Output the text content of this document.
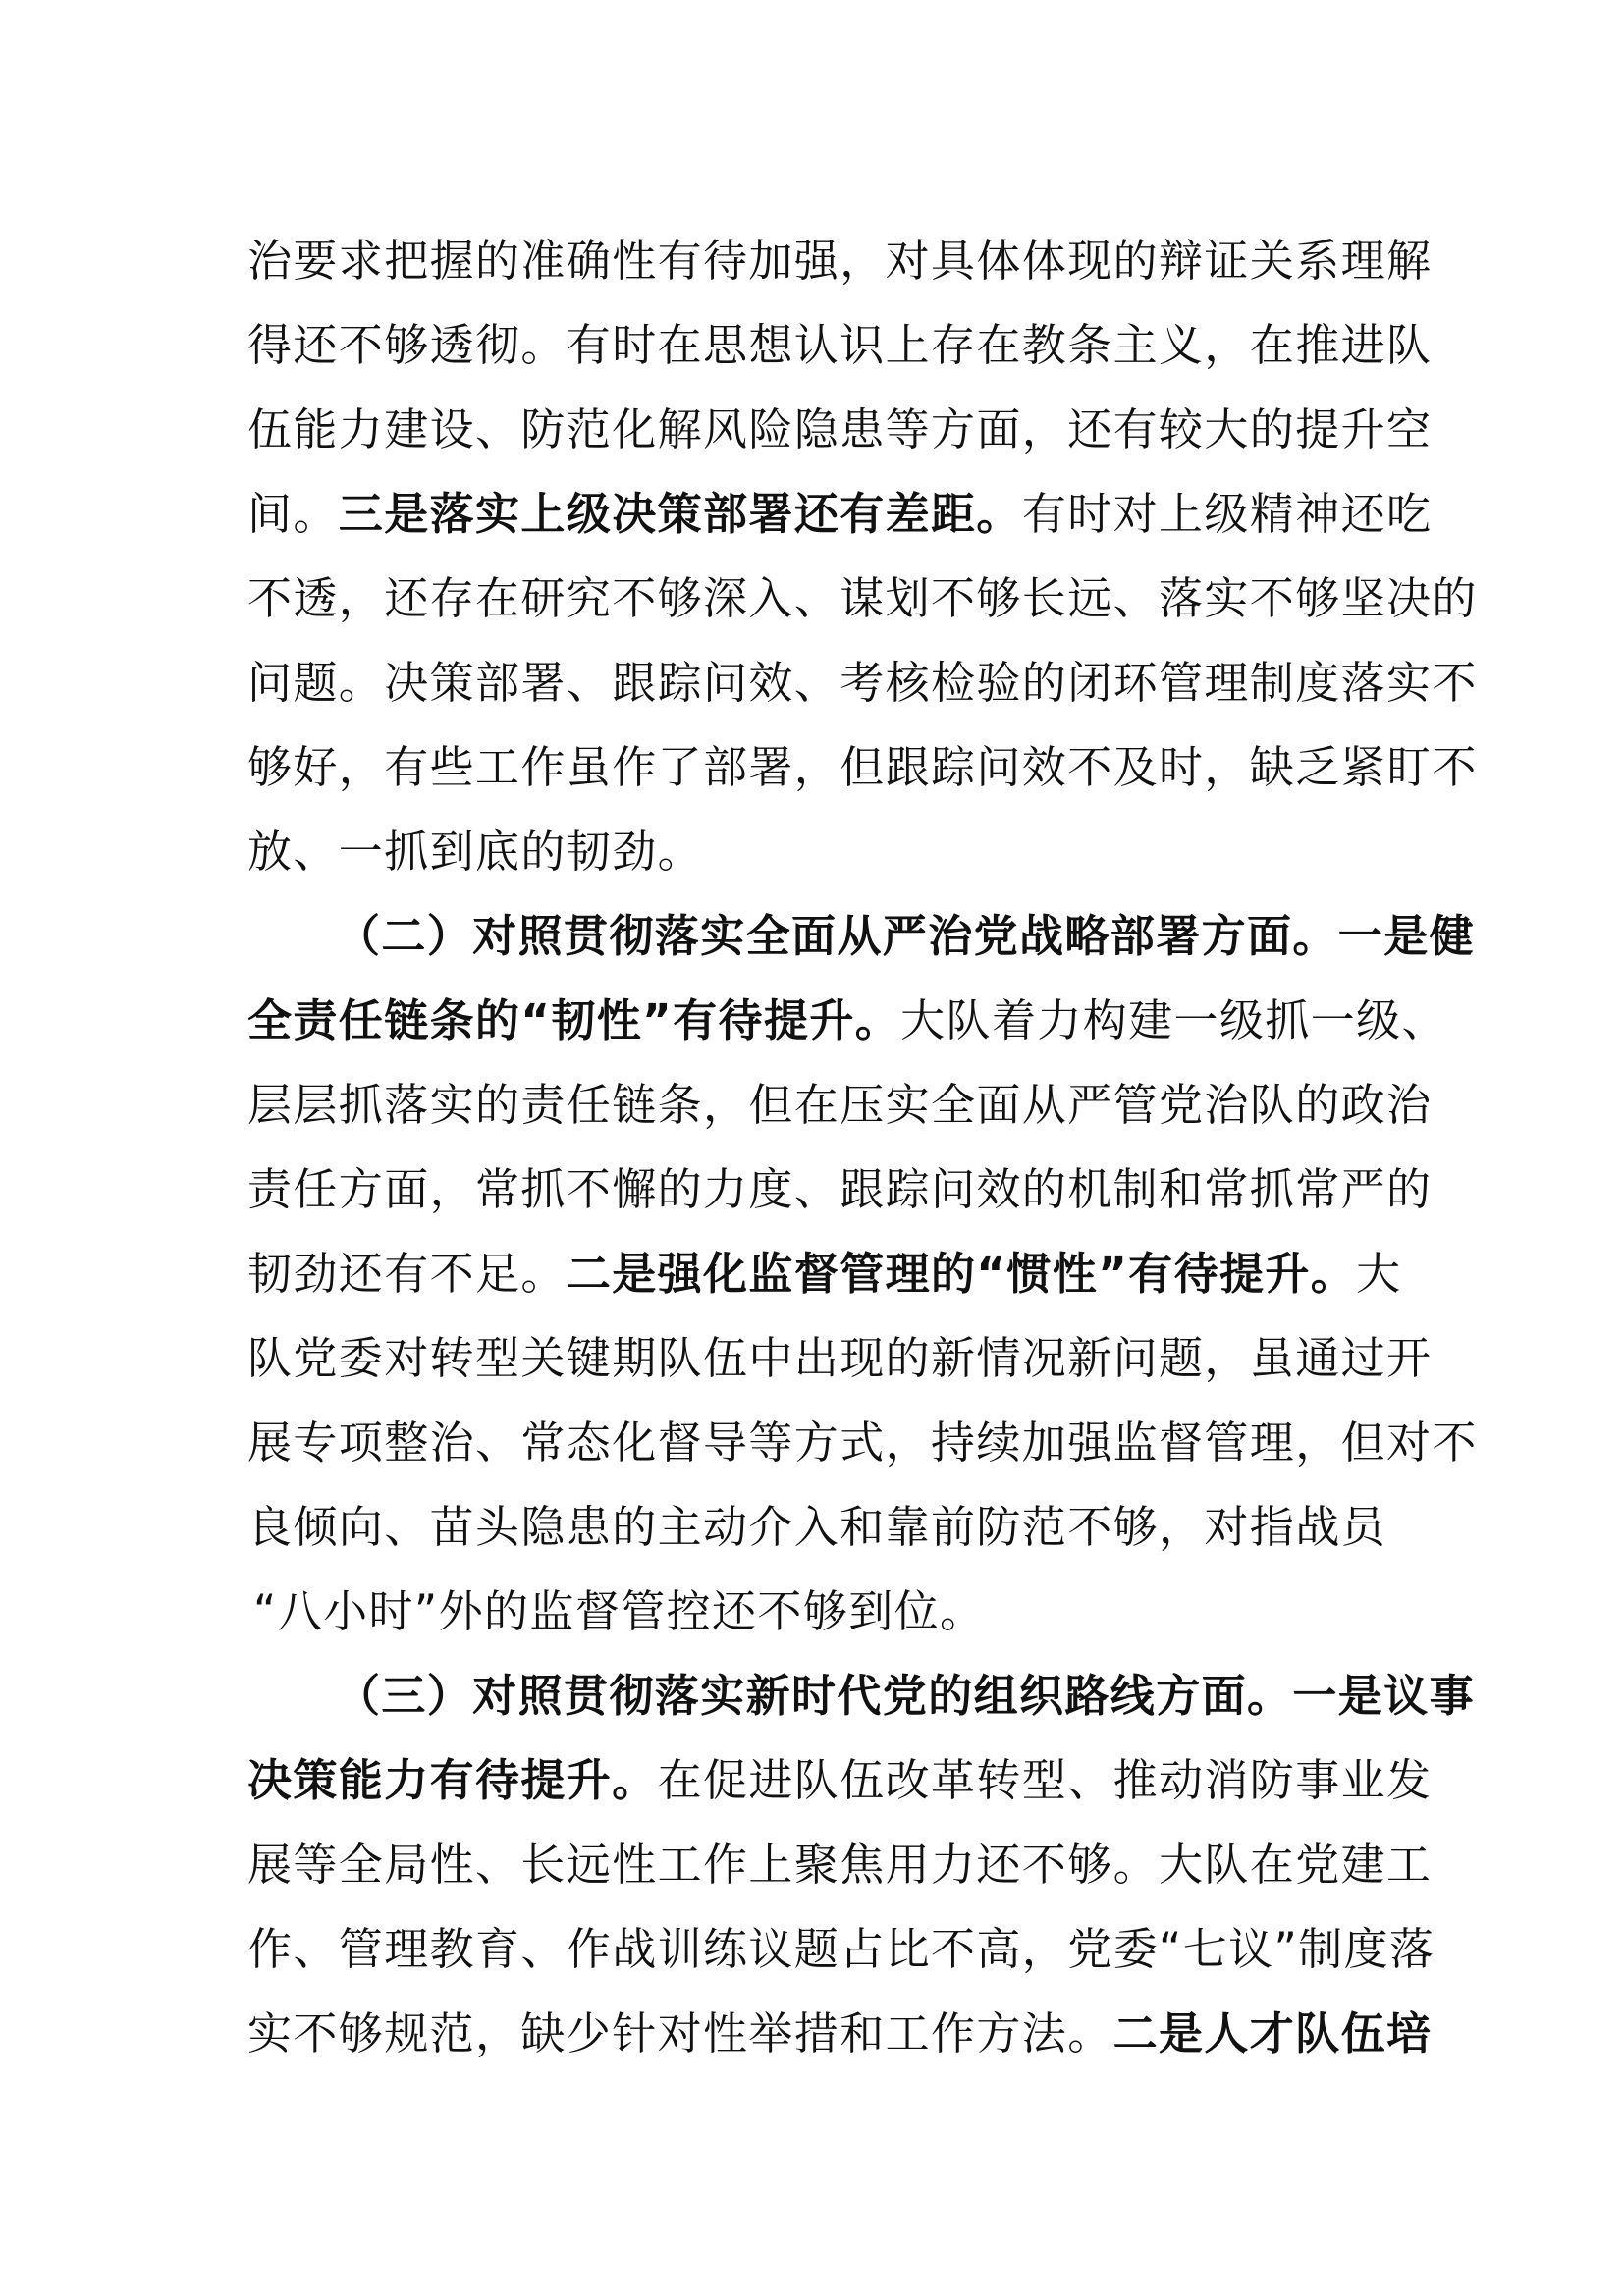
治要求把握的准确性有待加强，对具体体现的辩证关系理解
得还不够透彻。有时在思想认识上存在教条主义，在推进队
伍能力建设、防范化解风险隐患等方面，还有较大的提升空
间。三是落实上级决策部署还有差距。有时对上级精神还吃
不透，还存在研究不够深入、谋划不够长远、落实不够坚决的
问题。决策部署、跟踪问效、考核检验的闭环管理制度落实不
够好，有些工作虽作了部署，但跟踪问效不及时，缺乏紧盯不
放、一抓到底的韧劲。
（二）对照贯彻落实全面从严治党战略部署方面。一是健
全责任链条的“韧性”有待提升。大队着力构建一级抓一级、
层层抓落实的责任链条，但在压实全面从严管党治队的政治
责任方面，常抓不懈的力度、跟踪问效的机制和常抓常严的
韧劲还有不足。二是强化监督管理的“惯性”有待提升。大
队党委对转型关键期队伍中出现的新情况新问题，虽通过开
展专项整治、常态化督导等方式，持续加强监督管理，但对不
良倾向、苗头隐患的主动介入和靠前防范不够，对指战员
“八小时”外的监督管控还不够到位。
（三）对照贯彻落实新时代党的组织路线方面。一是议事
决策能力有待提升。在促进队伍改革转型、推动消防事业发
展等全局性、长远性工作上聚焦用力还不够。大队在党建工
作、管理教育、作战训练议题占比不高，党委“七议”制度落
实不够规范，缺少针对性举措和工作方法。二是人才队伍培
